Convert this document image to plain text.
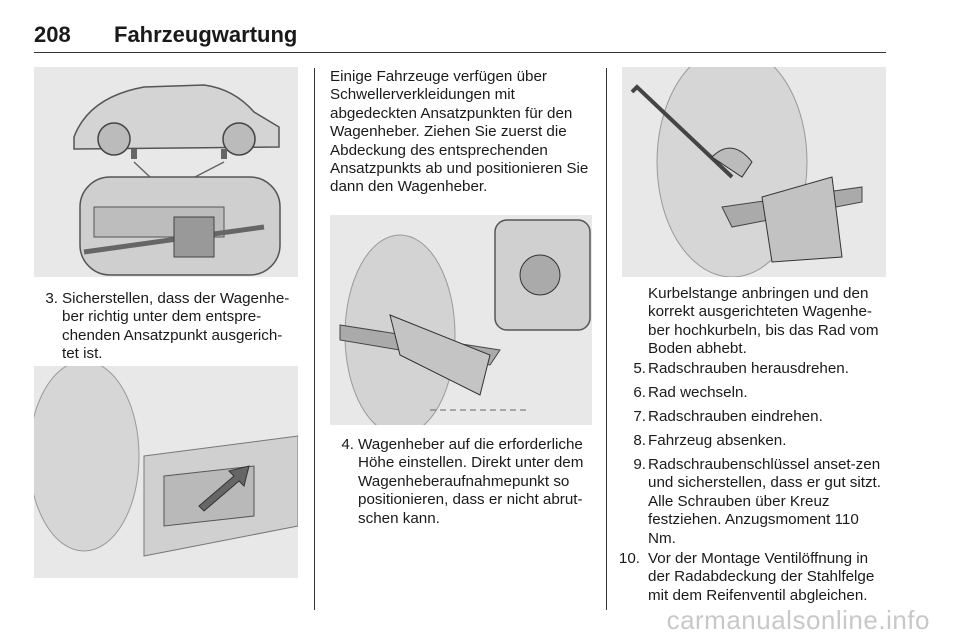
208 Fahrzeugwartung
3. Sicherstellen, dass der Wagenhe-ber richtig unter dem entspre-chenden Ansatzpunkt ausgerich-tet ist.
Einige Fahrzeuge verfügen über Schwellerverkleidungen mit abgedeckten Ansatzpunkten für den Wagenheber. Ziehen Sie zuerst die Abdeckung des entsprechenden Ansatzpunkts ab und positionieren Sie dann den Wagenheber.
4. Wagenheber auf die erforderliche Höhe einstellen. Direkt unter dem Wagenheberaufnahmepunkt so positionieren, dass er nicht abrut-schen kann.
Kurbelstange anbringen und den korrekt ausgerichteten Wagenhe-ber hochkurbeln, bis das Rad vom Boden abhebt.
5. Radschrauben herausdrehen.
6. Rad wechseln.
7. Radschrauben eindrehen.
8. Fahrzeug absenken.
9. Radschraubenschlüssel anset-zen und sicherstellen, dass er gut sitzt. Alle Schrauben über Kreuz festziehen. Anzugsmoment 110 Nm.
10. Vor der Montage Ventilöffnung in der Radabdeckung der Stahlfelge mit dem Reifenventil abgleichen.
carmanualsonline.info
